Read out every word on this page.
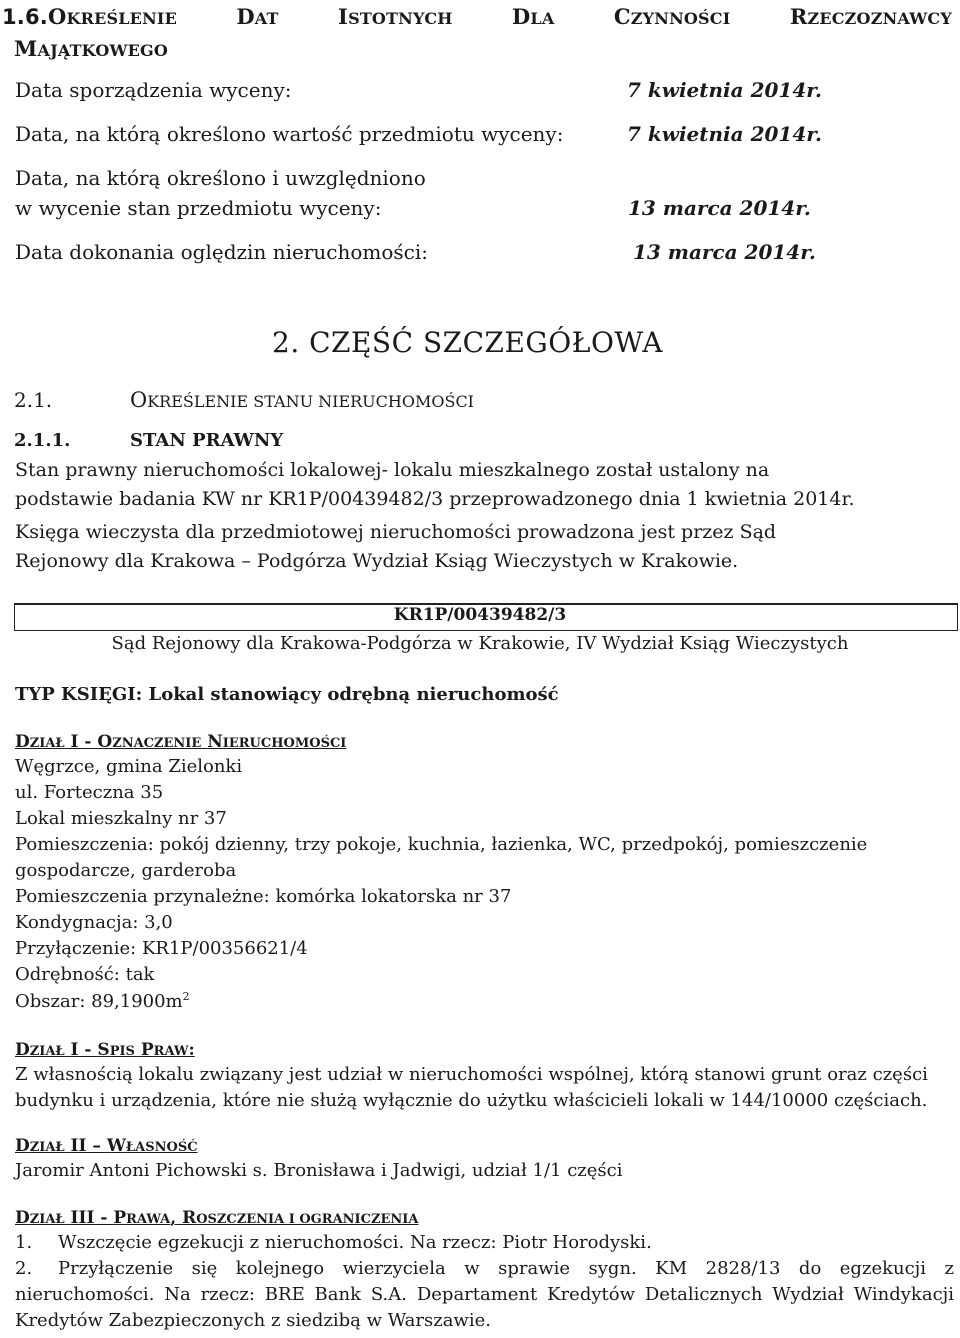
1.6.OKREŚLENIE	DAT	ISTOTNYCH	DLA	CZYNNOŚCI	RZECZOZNAWCY
MAJĄTKOWEGO
Data sporządzenia wyceny:	7 kwietnia 2014r.
Data, na którą określono wartość przedmiotu wyceny:	7 kwietnia 2014r.
Data, na którą określono i uwzględniono
w wycenie stan przedmiotu wyceny:	13 marca 2014r.
Data dokonania oględzin nieruchomości:	13 marca 2014r.
2. CZĘŚĆ SZCZEGÓŁOWA
2.1.	OKREŚLENIE STANU NIERUCHOMOŚCI
2.1.1.	STAN PRAWNY
Stan prawny nieruchomości lokalowej- lokalu mieszkalnego został ustalony na
podstawie badania KW nr KR1P/00439482/3 przeprowadzonego dnia 1 kwietnia 2014r.
Księga wieczysta dla przedmiotowej nieruchomości prowadzona jest przez Sąd
Rejonowy dla Krakowa – Podgórza Wydział Ksiąg Wieczystych w Krakowie.
KR1P/00439482/3
Sąd Rejonowy dla Krakowa-Podgórza w Krakowie, IV Wydział Ksiąg Wieczystych
TYP KSIĘGI: Lokal stanowiący odrębną nieruchomość
DZIAŁ I - OZNACZENIE NIERUCHOMOŚCI
Węgrzce, gmina Zielonki
ul. Forteczna 35
Lokal mieszkalny nr 37
Pomieszczenia: pokój dzienny, trzy pokoje, kuchnia, łazienka, WC, przedpokój, pomieszczenie
gospodarcze, garderoba
Pomieszczenia przynależne: komórka lokatorska nr 37
Kondygnacja: 3,0
Przyłączenie: KR1P/00356621/4
Odrębność: tak
Obszar: $89,1900m^2$
DZIAŁ I - SPIS PRAW:
Z własnością lokalu związany jest udział w nieruchomości wspólnej, którą stanowi grunt oraz części
budynku i urządzenia, które nie służą wyłącznie do użytku właścicieli lokali w 144/10000 częściach.
DZIAŁ II – WŁASNOŚĆ
Jaromir Antoni Pichowski s. Bronisława i Jadwigi, udział 1/1 części
DZIAŁ III - PRAWA, ROSZCZENIA I OGRANICZENIA
1. Wszczęcie egzekucji z nieruchomości. Na rzecz: Piotr Horodyski.
2. Przyłączenie się kolejnego wierzyciela w sprawie sygn. KM 2828/13 do egzekucji z
nieruchomości. Na rzecz: BRE Bank S.A. Departament Kredytów Detalicznych Wydział Windykacji
Kredytów Zabezpieczonych z siedzibą w Warszawie.
